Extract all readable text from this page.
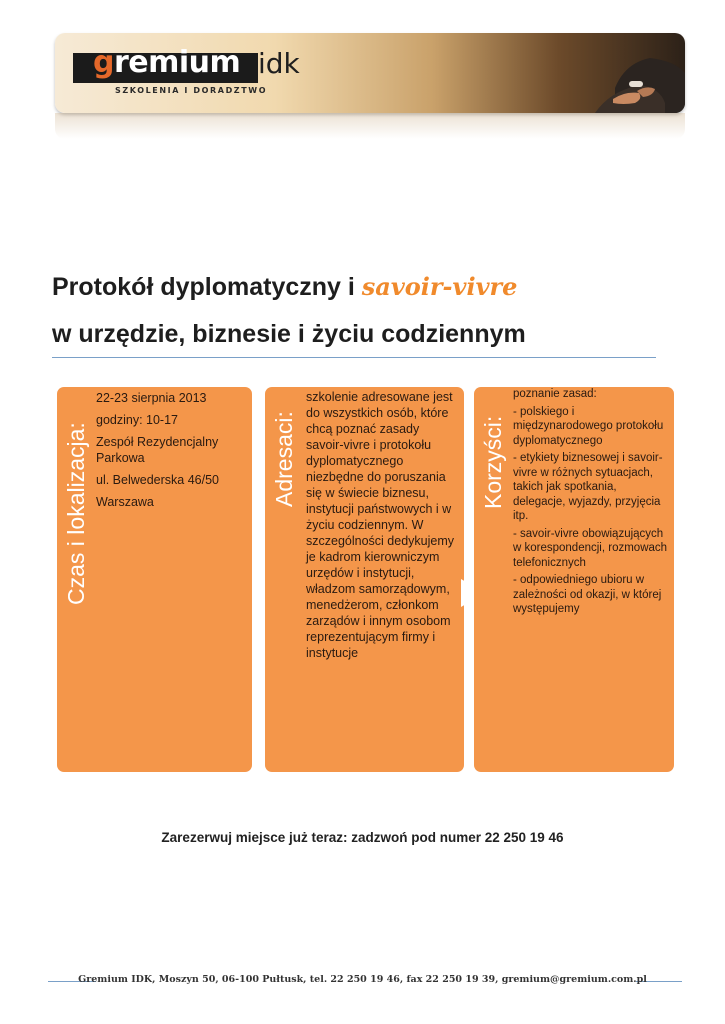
gremium idk
SZKOLENIA I DORADZTWO
Protokół dyplomatyczny i savoir-vivre
w urzędzie, biznesie i życiu codziennym
Czas i lokalizacja:

22-23 sierpnia 2013

godziny: 10-17

Zespół Rezydencjalny Parkowa

ul. Belwederska 46/50

Warszawa	Adresaci:
szkolenie adresowane jest do wszystkich osób, które chcą poznać zasady savoir-vivre i protokołu dyplomatycznego niezbędne do poruszania się w świecie biznesu, instytucji państwowych i w życiu codziennym. W szczególności dedykujemy je kadrom kierowniczym urzędów i instytucji, władzom samorządowym, menedżerom, członkom zarządów i innym osobom reprezentującym firmy i instytucje
Korzyści:

poznanie zasad:

- polskiego i międzynarodowego protokołu dyplomatycznego

- etykiety biznesowej i savoir-vivre w różnych sytuacjach, takich jak spotkania, delegacje, wyjazdy, przyjęcia itp.

- savoir-vivre obowiązujących w korespondencji, rozmowach telefonicznych

- odpowiedniego ubioru w zależności od okazji, w której występujemy

Zarezerwuj miejsce już teraz: zadzwoń pod numer 22 250 19 46
Gremium IDK, Moszyn 50, 06-100 Pułtusk, tel. 22 250 19 46, fax 22 250 19 39, gremium@gremium.com.pl
